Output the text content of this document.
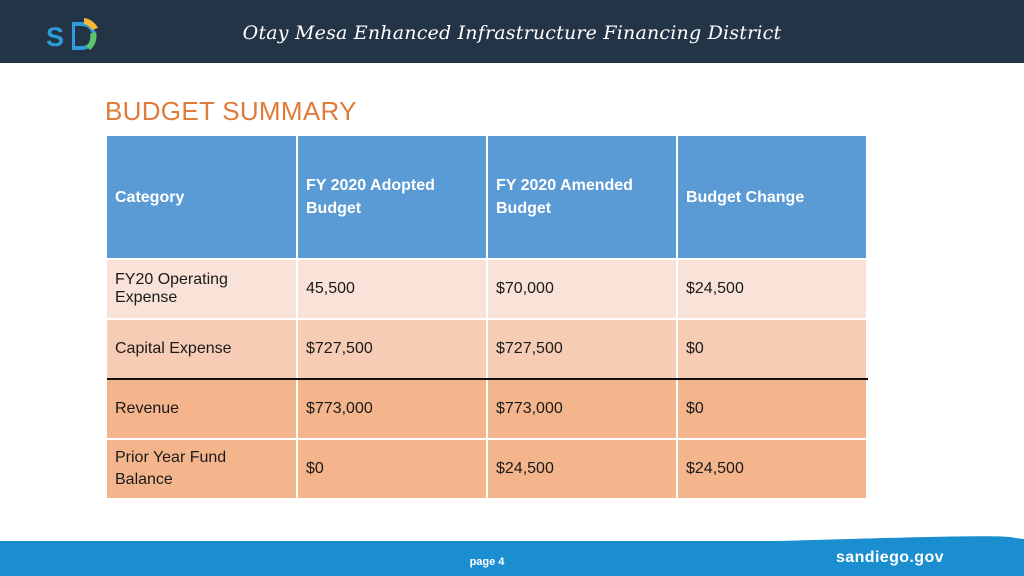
S	Otay Mesa Enhanced Infrastructure Financing District
BUDGET SUMMARY
Category	FY 2020 Adopted Budget	FY 2020 Amended Budget	Budget Change
FY20 Operating Expense	45,500	$70,000	$24,500
Capital Expense	$727,500	$727,500	$0
Revenue	$773,000	$773,000	$0
Prior Year Fund Balance	$0	$24,500	$24,500
page 4	sandiego.gov
